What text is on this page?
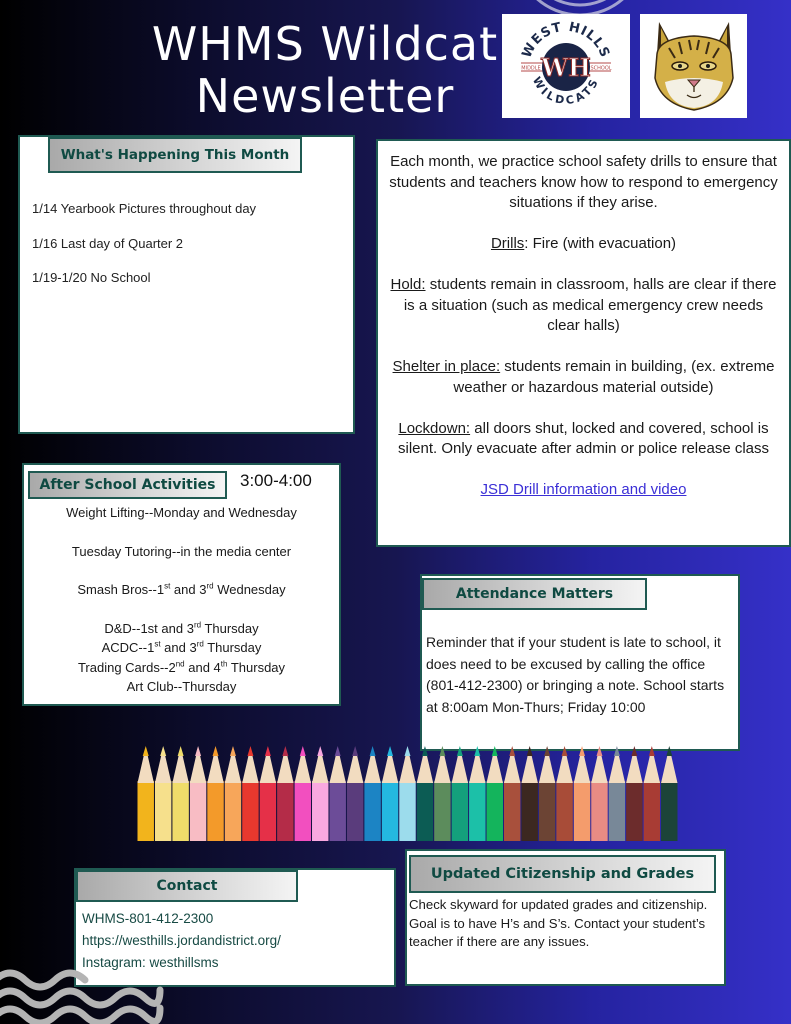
WHMS Wildcat
Newsletter
WEST HILLS
MIDDLE	SCHOOL
WH
WILDCATS
What's Happening This Month
1/14 Yearbook Pictures throughout day
1/16 Last day of Quarter 2
1/19-1/20 No School

Each month, we practice school safety drills to ensure that students and teachers know how to respond to emergency situations if they arise.

Drills: Fire (with evacuation)

Hold: students remain in classroom, halls are clear if there is a situation (such as medical emergency crew needs clear halls)

Shelter in place: students remain in building, (ex. extreme weather or hazardous material outside)

Lockdown: all doors shut, locked and covered, school is silent. Only evacuate after admin or police release class

JSD Drill information and video

After School Activities	3:00-4:00
Weight Lifting--Monday and Wednesday
Tuesday Tutoring--in the media center
Smash Bros--1st and 3rd Wednesday
D&D--1st and 3rd Thursday
ACDC--1st and 3rd Thursday
Trading Cards--2nd and 4th Thursday
Art Club--Thursday
Attendance Matters
Reminder that if your student is late to school, it does need to be excused by calling the office (801-412-2300) or bringing a note. School starts at 8:00am Mon-Thurs; Friday 10:00
Updated Citizenship and Grades
Check skyward for updated grades and citizenship. Goal is to have H’s and S’s. Contact your student’s teacher if there are any issues.
Contact
WHMS-801-412-2300
https://westhills.jordandistrict.org/
Instagram: westhillsms
